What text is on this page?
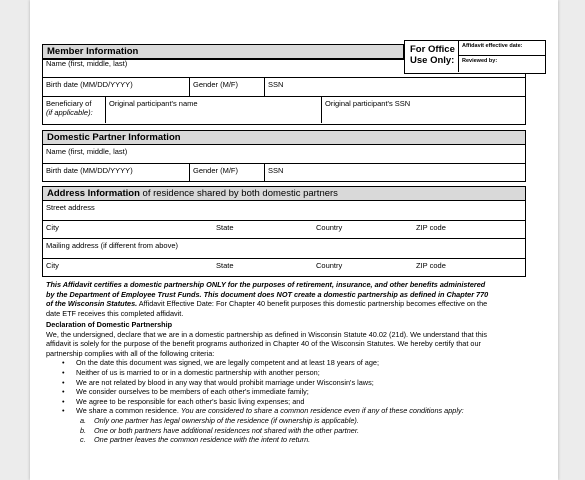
Member Information
Name (first, middle, last)
Birth date (MM/DD/YYYY)	Gender (M/F)	SSN
Beneficiary of
(if applicable):
Original participant's name	Original participant's SSN
For Office Use Only:
Affidavit effective date:
Reviewed by:
Domestic Partner Information
Name (first, middle, last)
Birth date (MM/DD/YYYY)	Gender (M/F)	SSN
Address Information of residence shared by both domestic partners
Street address
City	State	Country	ZIP code
Mailing address (if different from above)
City	State	Country	ZIP code
This Affidavit certifies a domestic partnership ONLY for the purposes of retirement, insurance, and other benefits administered
by the Department of Employee Trust Funds. This document does NOT create a domestic partnership as defined in Chapter 770
of the Wisconsin Statutes. Affidavit Effective Date: For Chapter 40 benefit purposes this domestic partnership becomes effective on the
date ETF receives this completed affidavit.
Declaration of Domestic Partnership
We, the undersigned, declare that we are in a domestic partnership as defined in Wisconsin Statute 40.02 (21d). We understand that this
affidavit is solely for the purpose of the benefit programs authorized in Chapter 40 of the Wisconsin Statutes. We hereby certify that our
partnership complies with all of the following criteria:
• On the date this document was signed, we are legally competent and at least 18 years of age;
• Neither of us is married to or in a domestic partnership with another person;
• We are not related by blood in any way that would prohibit marriage under Wisconsin's laws;
• We consider ourselves to be members of each other's immediate family;
• We agree to be responsible for each other's basic living expenses; and
• We share a common residence. You are considered to share a common residence even if any of these conditions apply:
a. Only one partner has legal ownership of the residence (if ownership is applicable).
b. One or both partners have additional residences not shared with the other partner.
c. One partner leaves the common residence with the intent to return.
